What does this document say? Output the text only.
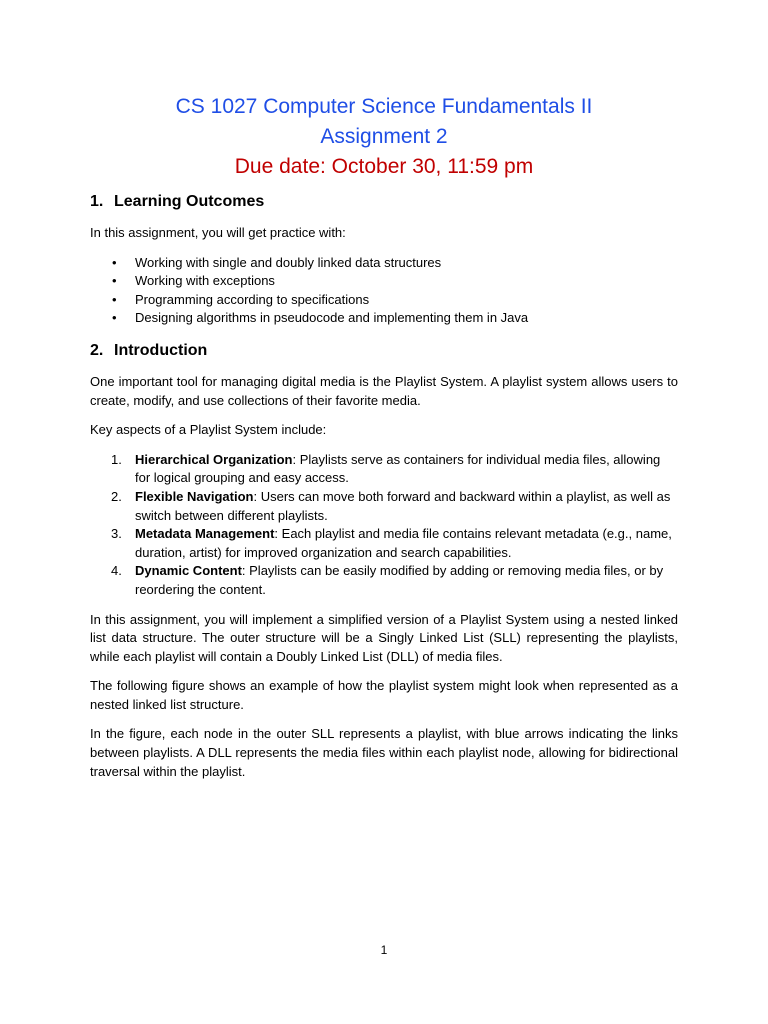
CS 1027 Computer Science Fundamentals II
Assignment 2
Due date: October 30, 11:59 pm
1. Learning Outcomes

In this assignment, you will get practice with:

• Working with single and doubly linked data structures
• Working with exceptions
• Programming according to specifications
• Designing algorithms in pseudocode and implementing them in Java
2. Introduction

One important tool for managing digital media is the Playlist System. A playlist system allows users to create, modify, and use collections of their favorite media.

Key aspects of a Playlist System include:

1. Hierarchical Organization: Playlists serve as containers for individual media files, allowing for logical grouping and easy access.
2. Flexible Navigation: Users can move both forward and backward within a playlist, as well as switch between different playlists.
3. Metadata Management: Each playlist and media file contains relevant metadata (e.g., name, duration, artist) for improved organization and search capabilities.
4. Dynamic Content: Playlists can be easily modified by adding or removing media files, or by reordering the content.

In this assignment, you will implement a simplified version of a Playlist System using a nested linked list data structure. The outer structure will be a Singly Linked List (SLL) representing the playlists, while each playlist will contain a Doubly Linked List (DLL) of media files.

The following figure shows an example of how the playlist system might look when represented as a nested linked list structure.

In the figure, each node in the outer SLL represents a playlist, with blue arrows indicating the links between playlists. A DLL represents the media files within each playlist node, allowing for bidirectional traversal within the playlist.

1
